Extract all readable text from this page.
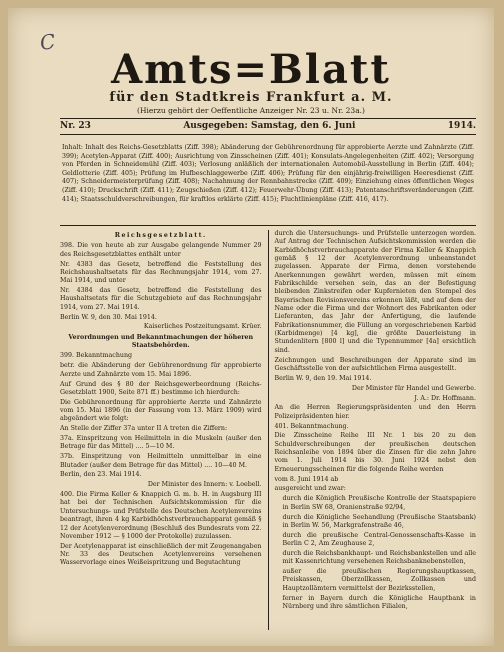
C
Amts=Blatt
für den Stadtkreis Frankfurt a. M.
(Hierzu gehört der Oeffentliche Anzeiger Nr. 23 u. Nr. 23a.)
Nr. 23	Ausgegeben: Samstag, den 6. Juni	1914.
Inhalt: Inhalt des Reichs-Gesetzblatts (Ziff. 398); Abänderung der Gebührenordnung für approbierte Aerzte und Zahnärzte (Ziff. 399); Acetylen-Apparat (Ziff. 400); Ausrichtung von Zinsscheinen (Ziff. 401); Konsulats-Angelegenheiten (Ziff. 402); Versorgung von Pferden in Schneidemühl (Ziff. 403); Verlosung anläßlich der internationalen Automobil-Ausstellung in Berlin (Ziff. 404); Geldlotterie (Ziff. 405); Prüfung im Hufbeschlaggewerbe (Ziff. 406); Prüfung für den einjährig-freiwilligen Heeresdienst (Ziff. 407); Schneidermeisterprüfung (Ziff. 408); Nachahmung der Rennbahnstrecke (Ziff. 409); Einziehung eines öffentlichen Weges (Ziff. 410); Druckschrift (Ziff. 411); Zeugschießen (Ziff. 412); Feuerwehr-Übung (Ziff. 413); Patentanschriftsveränderungen (Ziff. 414); Staatsschuldverschreibungen, für kraftlos erklärte (Ziff. 415); Fluchtlinienpläne (Ziff. 416, 417).
Reichsgesetzblatt.

398. Die von heute ab zur Ausgabe gelangende Nummer 29 des Reichsgesetzblattes enthält unter

Nr. 4383 das Gesetz, betreffend die Feststellung des Reichshaushaltsetats für das Rechnungsjahr 1914, vom 27. Mai 1914, und unter

Nr. 4384 das Gesetz, betreffend die Feststellung des Haushaltsetats für die Schutzgebiete auf das Rechnungsjahr 1914, vom 27. Mai 1914.

Berlin W. 9, den 30. Mai 1914.

Kaiserliches Postzeitungsamt. Krüer.

Verordnungen und Bekanntmachungen der höheren Staatsbehörden.

399. Bekanntmachung

betr. die Abänderung der Gebührenordnung für approbierte Aerzte und Zahnärzte vom 15. Mai 1896.

Auf Grund des § 80 der Reichsgewerbeordnung (Reichs-Gesetzblatt 1900, Seite 871 ff.) bestimme ich hierdurch:

Die Gebührenordnung für approbierte Aerzte und Zahnärzte vom 15. Mai 1896 (in der Fassung vom 13. März 1909) wird abgeändert wie folgt:

An Stelle der Ziffer 37a unter II A treten die Ziffern:

37a. Einspritzung von Heilmitteln in die Muskeln (außer den Betrage für das Mittel) .... 5—10 M.

37b. Einspritzung von Heilmitteln unmittelbar in eine Blutader (außer dem Betrage für das Mittel) .... 10—40 M.

Berlin, den 23. Mai 1914.

Der Minister des Innern: v. Loebell.

400. Die Firma Keller & Knappich G. m. b. H. in Augsburg III hat bei der Technischen Aufsichtskommission für die Untersuchungs- und Prüfstelle des Deutschen Acetylenvereins beantragt, ihren 4 kg Karbidhöchstverbrauchapparat gemäß § 12 der Acetylenverordnung (Beschluß des Bundesrats vom 22. November 1912 — § 1000 der Protokolle) zuzulassen.

Der Acetylenapparat ist einschließlich der mit Zeugenangaben Nr. 33 des Deutschen Acetylenvereins versehenen Wasservorlage eines Weißeispritzung und Begutachtung

durch die Untersuchungs- und Prüfstelle unterzogen worden. Auf Antrag der Technischen Aufsichtskommission werden die Karbidhöchstverbrauchapparate der Firma Keller & Knappich gemäß § 12 der Acetylenverordnung unbeanstandet zugelassen. Apparate der Firma, denen vorstehende Anerkennungen gewährt werden, müssen mit einem Fabrikschilde versehen sein, das an der Befestigung bleibenden Zinkstreifen oder Kupfernieten den Stempel des Bayerischen Revisionsvereins erkennen läßt, und auf dem der Name oder die Firma und der Wohnort des Fabrikanten oder Lieferanten, das Jahr der Anfertigung, die laufende Fabrikationsnummer, die Füllung an vorgeschriebenen Karbid (Karbidmenge) [4 kg], die größte Dauerleistung in Stundenlitern [800 l] und die Typennummer [4a] ersichtlich sind.

Zeichnungen und Beschreibungen der Apparate sind im Geschäftsstelle von der aufsichtlichen Firma ausgestellt.

Berlin W. 9, den 19. Mai 1914.

Der Minister für Handel und Gewerbe.

J. A.: Dr. Hoffmann.

An die Herren Regierungspräsidenten und den Herrn Polizeipräsidenten hier.

401. Bekanntmachung.

Die Zinsscheine Reihe III Nr. 1 bis 20 zu den Schuldverschreibungen der preußischen deutschen Reichsanleihe von 1894 über die Zinsen für die zehn Jahre vom 1. Juli 1914 bis 30. Juni 1924 nebst den Erneuerungsscheinen für die folgende Reihe werden

vom 8. Juni 1914 ab

ausgereicht und zwar:

durch die Königlich Preußische Kontrolle der Staatspapiere in Berlin SW 68, Oranienstraße 92/94,

durch die Königliche Seehandlung (Preußische Staatsbank) in Berlin W. 56, Markgrafenstraße 46,

durch die preußische Central-Genossenschafts-Kasse in Berlin C 2, Am Zeughause 2,

durch die Reichsbankhaupt- und Reichsbankstellen und alle mit Kassenrichtung versehenen Reichsbanknebenstellen,

außer die preußischen Regierungshauptkassen, Preiskassen, Oberzollkassen, Zollkassen und Hauptzollämtern vermittelst der Bezirksstellen,

ferner in Bayern durch die Königliche Hauptbank in Nürnberg und ihre sämtlichen Filialen,
